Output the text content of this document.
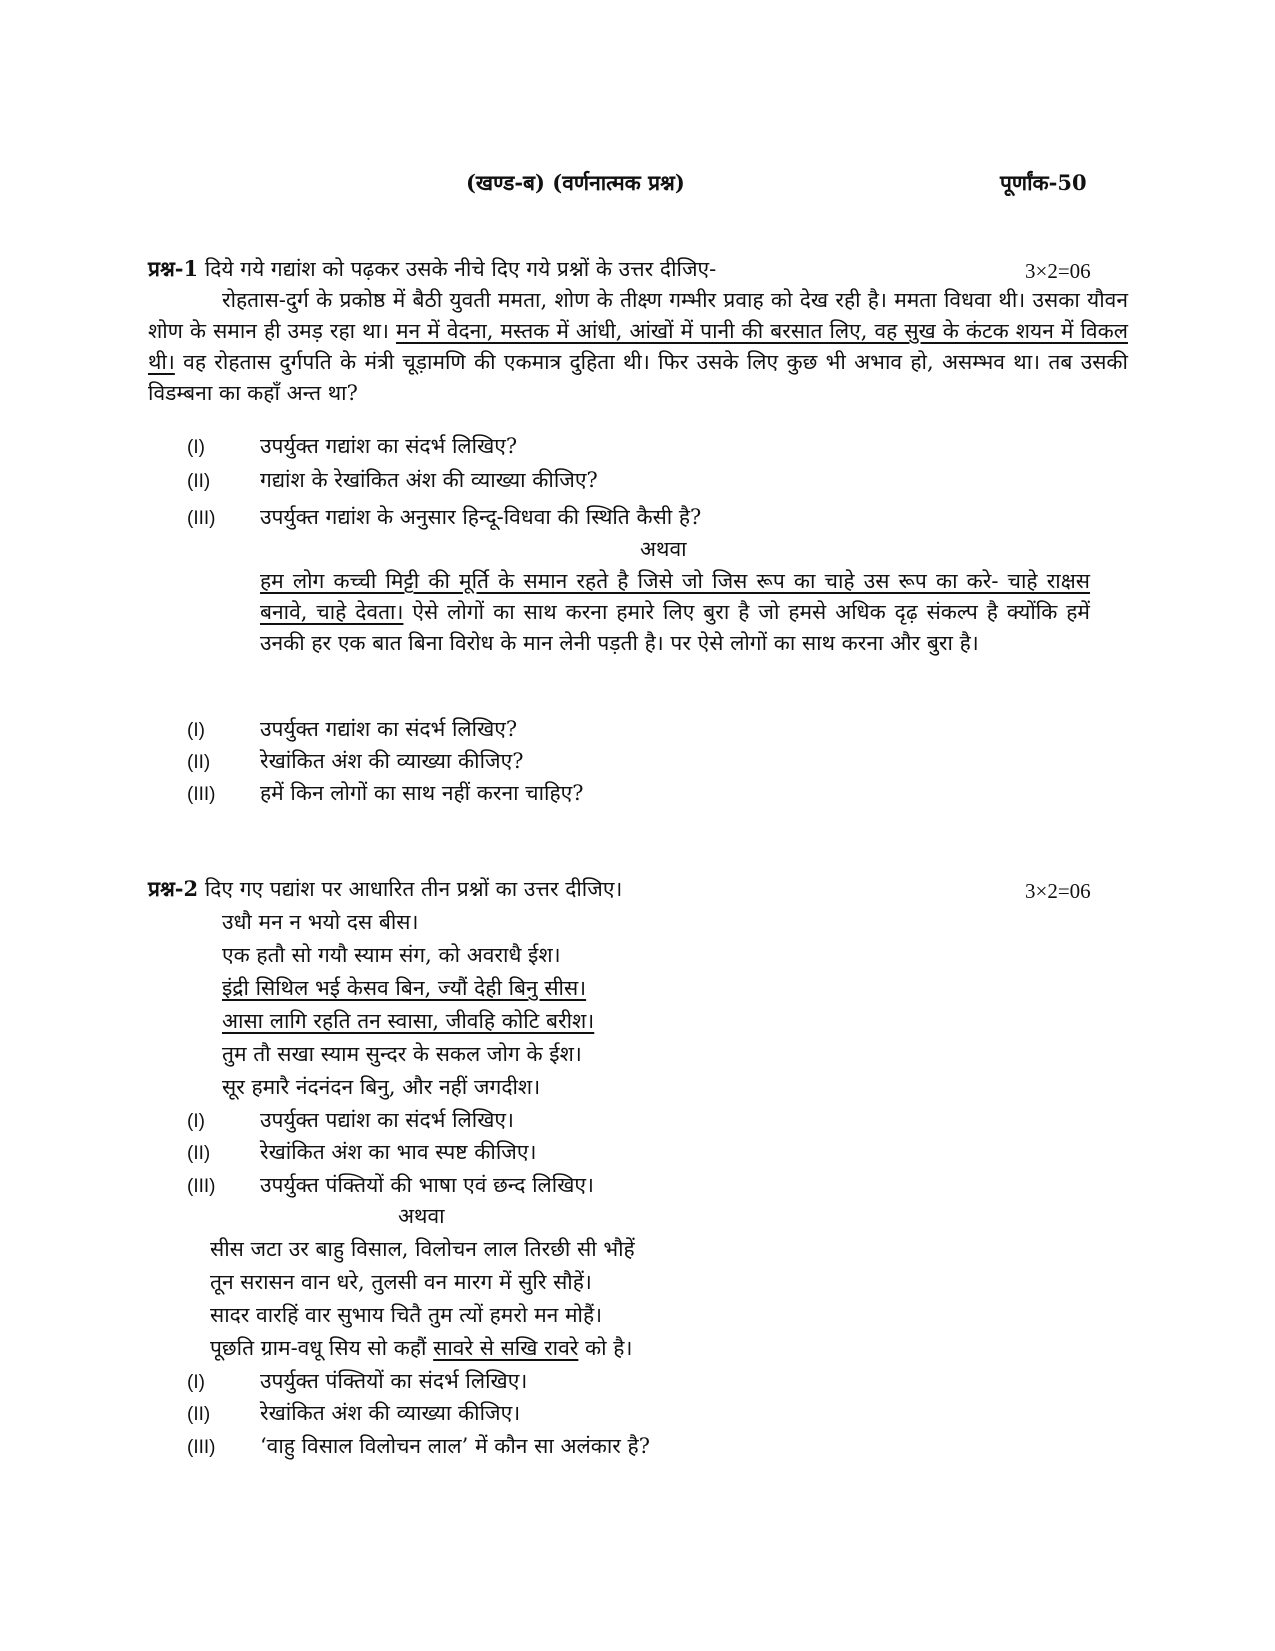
(खण्ड-ब) (वर्णनात्मक प्रश्न)	पूर्णांक-50
प्रश्न-1 दिये गये गद्यांश को पढ़कर उसके नीचे दिए गये प्रश्नों के उत्तर दीजिए-	3×2=06
रोहतास-दुर्ग के प्रकोष्ठ में बैठी युवती ममता, शोण के तीक्ष्ण गम्भीर प्रवाह को देख रही है। ममता विधवा थी। उसका यौवन शोण के समान ही उमड़ रहा था। मन में वेदना, मस्तक में आंधी, आंखों में पानी की बरसात लिए, वह सुख के कंटक शयन में विकल थी। वह रोहतास दुर्गपति के मंत्री चूड़ामणि की एकमात्र दुहिता थी। फिर उसके लिए कुछ भी अभाव हो, असम्भव था। तब उसकी विडम्बना का कहाँ अन्त था?
(I)	उपर्युक्त गद्यांश का संदर्भ लिखिए?
(II) गद्यांश के रेखांकित अंश की व्याख्या कीजिए?
(III) उपर्युक्त गद्यांश के अनुसार हिन्दू-विधवा की स्थिति कैसी है?
अथवा
हम लोग कच्ची मिट्टी की मूर्ति के समान रहते है जिसे जो जिस रूप का चाहे उस रूप का करे- चाहे राक्षस बनावे, चाहे देवता। ऐसे लोगों का साथ करना हमारे लिए बुरा है जो हमसे अधिक दृढ़ संकल्प है क्योंकि हमें उनकी हर एक बात बिना विरोध के मान लेनी पड़ती है। पर ऐसे लोगों का साथ करना और बुरा है।
(I)	उपर्युक्त गद्यांश का संदर्भ लिखिए?
(II) रेखांकित अंश की व्याख्या कीजिए?
(III) हमें किन लोगों का साथ नहीं करना चाहिए?
प्रश्न-2 दिए गए पद्यांश पर आधारित तीन प्रश्नों का उत्तर दीजिए।	3×2=06
उधौ मन न भयो दस बीस।
एक हतौ सो गयौ स्याम संग, को अवराधै ईश।
इंद्री सिथिल भई केसव बिन, ज्यौं देही बिनु सीस।
आसा लागि रहति तन स्वासा, जीवहि कोटि बरीश।
तुम तौ सखा स्याम सुन्दर के सकल जोग के ईश।
सूर हमारै नंदनंदन बिनु, और नहीं जगदीश।
(I)	उपर्युक्त पद्यांश का संदर्भ लिखिए।
(II) रेखांकित अंश का भाव स्पष्ट कीजिए।
(III) उपर्युक्त पंक्तियों की भाषा एवं छन्द लिखिए।
अथवा
सीस जटा उर बाहु विसाल, विलोचन लाल तिरछी सी भौहें
तून सरासन वान धरे, तुलसी वन मारग में सुरि सौहें।
सादर वारहिं वार सुभाय चितै तुम त्यों हमरो मन मोहैं।
पूछति ग्राम-वधू सिय सो कहौं सावरे से सखि रावरे को है।
(I)	उपर्युक्त पंक्तियों का संदर्भ लिखिए।
(II) रेखांकित अंश की व्याख्या कीजिए।
(III) ‘वाहु विसाल विलोचन लाल’ में कौन सा अलंकार है?
